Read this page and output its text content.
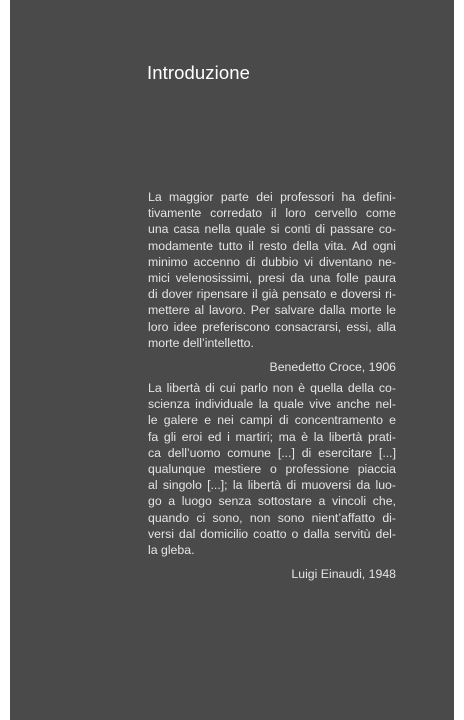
Introduzione

La maggior parte dei professori ha defini-
tivamente corredato il loro cervello come
una casa nella quale si conti di passare co-
modamente tutto il resto della vita. Ad ogni
minimo accenno di dubbio vi diventano ne-
mici velenosissimi, presi da una folle paura
di dover ripensare il già pensato e doversi ri-
mettere al lavoro. Per salvare dalla morte le
loro idee preferiscono consacrarsi, essi, alla
morte dell’intelletto.

Benedetto Croce, 1906

La libertà di cui parlo non è quella della co-
scienza individuale la quale vive anche nel-
le galere e nei campi di concentramento e
fa gli eroi ed i martiri; ma è la libertà prati-
ca dell’uomo comune [...] di esercitare [...]
qualunque mestiere o professione piaccia
al singolo [...]; la libertà di muoversi da luo-
go a luogo senza sottostare a vincoli che,
quando ci sono, non sono nient’affatto di-
versi dal domicilio coatto o dalla servitù del-
la gleba.

Luigi Einaudi, 1948
